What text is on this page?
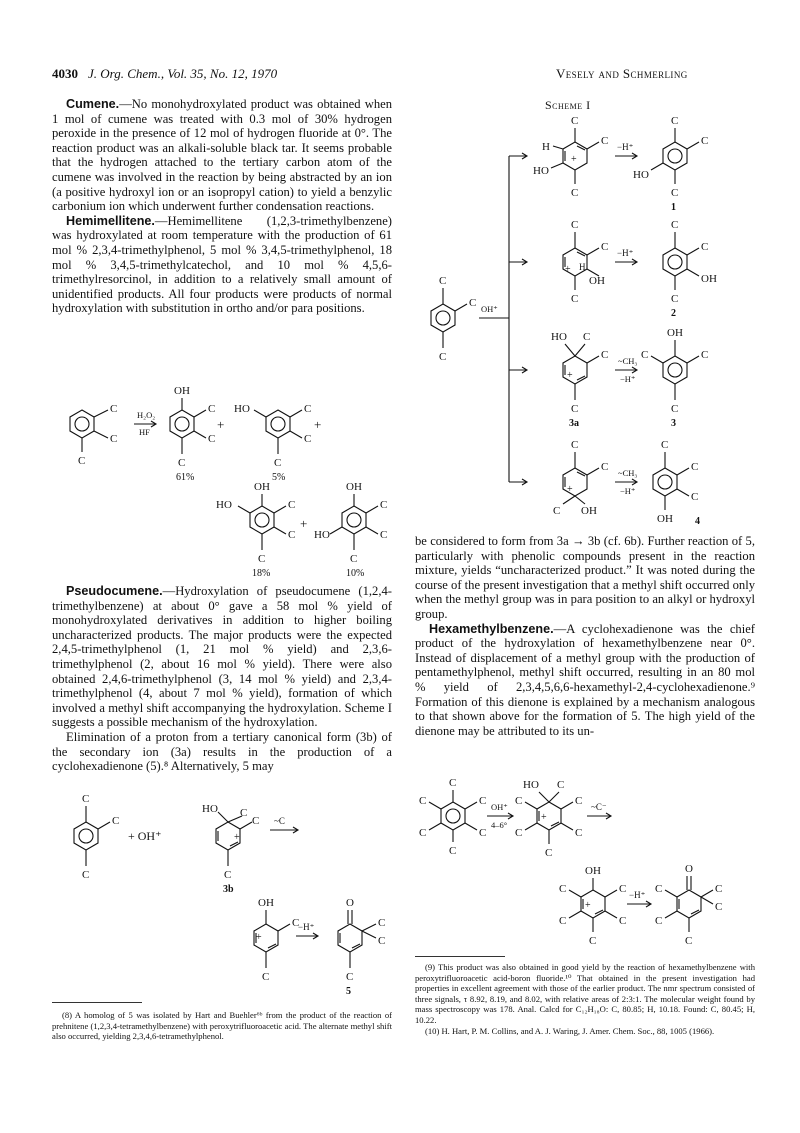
4030 J. Org. Chem., Vol. 35, No. 12, 1970	Vesely and Schmerling

Cumene.—No monohydroxylated product was obtained when 1 mol of cumene was treated with 0.3 mol of 30% hydrogen peroxide in the presence of 12 mol of hydrogen fluoride at 0°. The reaction product was an alkali-soluble black tar. It seems probable that the hydrogen attached to the tertiary carbon atom of the cumene was involved in the reaction by being abstracted by an ion (a positive hydroxyl ion or an isopropyl cation) to yield a benzylic carbonium ion which underwent further condensation reactions.

Hemimellitene.—Hemimellitene (1,2,3-trimethylbenzene) was hydroxylated at room temperature with the production of 61 mol % 2,3,4-trimethylphenol, 5 mol % 3,4,5-trimethylphenol, 18 mol % 3,4,5-trimethylcatechol, and 10 mol % 4,5,6-trimethylresorcinol, in addition to a relatively small amount of unidentified products. All four products were products of normal hydroxylation with substitution in ortho and/or para positions.

C
C
C
H₂O₂
HF
OH
C
C
C
61%
+
HO	C
C
C
5%
+
OH
HO	C
C
C
18%
+
OH
C
C
HO
C
10%

Pseudocumene.—Hydroxylation of pseudocumene (1,2,4-trimethylbenzene) at about 0° gave a 58 mol % yield of monohydroxylated derivatives in addition to higher boiling uncharacterized products. The major products were the expected 2,4,5-trimethylphenol (1, 21 mol % yield) and 2,3,6-trimethylphenol (2, about 16 mol % yield). There were also obtained 2,4,6-trimethylphenol (3, 14 mol % yield) and 2,3,4-trimethylphenol (4, about 7 mol % yield), formation of which involved a methyl shift accompanying the hydroxylation. Scheme I suggests a possible mechanism of the hydroxylation.

Elimination of a proton from a tertiary canonical form (3b) of the secondary ion (3a) results in the production of a cyclohexadienone (5).⁸ Alternatively, 5 may

C
C
C
+ OH⁺
HO C
C
+
C
3b
~C
OH
C
+
C
−H⁺
O
C
C
C
5

(8) A homolog of 5 was isolated by Hart and Buehler⁶ᵇ from the product of the reaction of prehnitene (1,2,3,4-tetramethylbenzene) with peroxytrifluoroacetic acid. The alternate methyl shift also occurred, yielding 2,3,4,6-tetramethylphenol.

Scheme I
C
C
C
OH⁺
C
C
H
HO
+
C
−H⁺
C
C
HO
C
1
C
C
H
OH
+
C
−H⁺
C
C
OH
C
2
HO C
C
+
C
3a
~CH₃
−H⁺
OH
C	C
C
3
C
C
+
C OH
~CH₃
−H⁺
C
C
C
OH 4

be considered to form from 3a → 3b (cf. 6b). Further reaction of 5, particularly with phenolic compounds present in the reaction mixture, yields “uncharacterized product.” It was noted during the course of the present investigation that a methyl shift occurred only when the methyl group was in para position to an alkyl or hydroxyl group.

Hexamethylbenzene.—A cyclohexadienone was the chief product of the hydroxylation of hexamethylbenzene near 0°. Instead of displacement of a methyl group with the production of pentamethylphenol, methyl shift occurred, resulting in an 80 mol % yield of 2,3,4,5,6,6-hexamethyl-2,4-cyclohexadienone.⁹ Formation of this dienone is explained by a mechanism analogous to that shown above for the formation of 5. The high yield of the dienone may be attributed to its un-

C
C
C
C
C
C	OH⁺
4–6°
HO C
C
C
C
C
C
+
~C⁻
OH
C
C
C
C
C
+
−H⁺
O
C
C
C
C
C

(9) This product was also obtained in good yield by the reaction of hexamethylbenzene with peroxytrifluoroacetic acid-boron fluoride.¹⁰ That obtained in the present investigation had properties in excellent agreement with those of the earlier product. The nmr spectrum consisted of three signals, τ 8.92, 8.19, and 8.02, with relative areas of 2:3:1. The molecular weight found by mass spectroscopy was 178. Anal. Calcd for C₁₂H₁₈O: C, 80.85; H, 10.18. Found: C, 80.45; H, 10.22.

(10) H. Hart, P. M. Collins, and A. J. Waring, J. Amer. Chem. Soc., 88, 1005 (1966).
